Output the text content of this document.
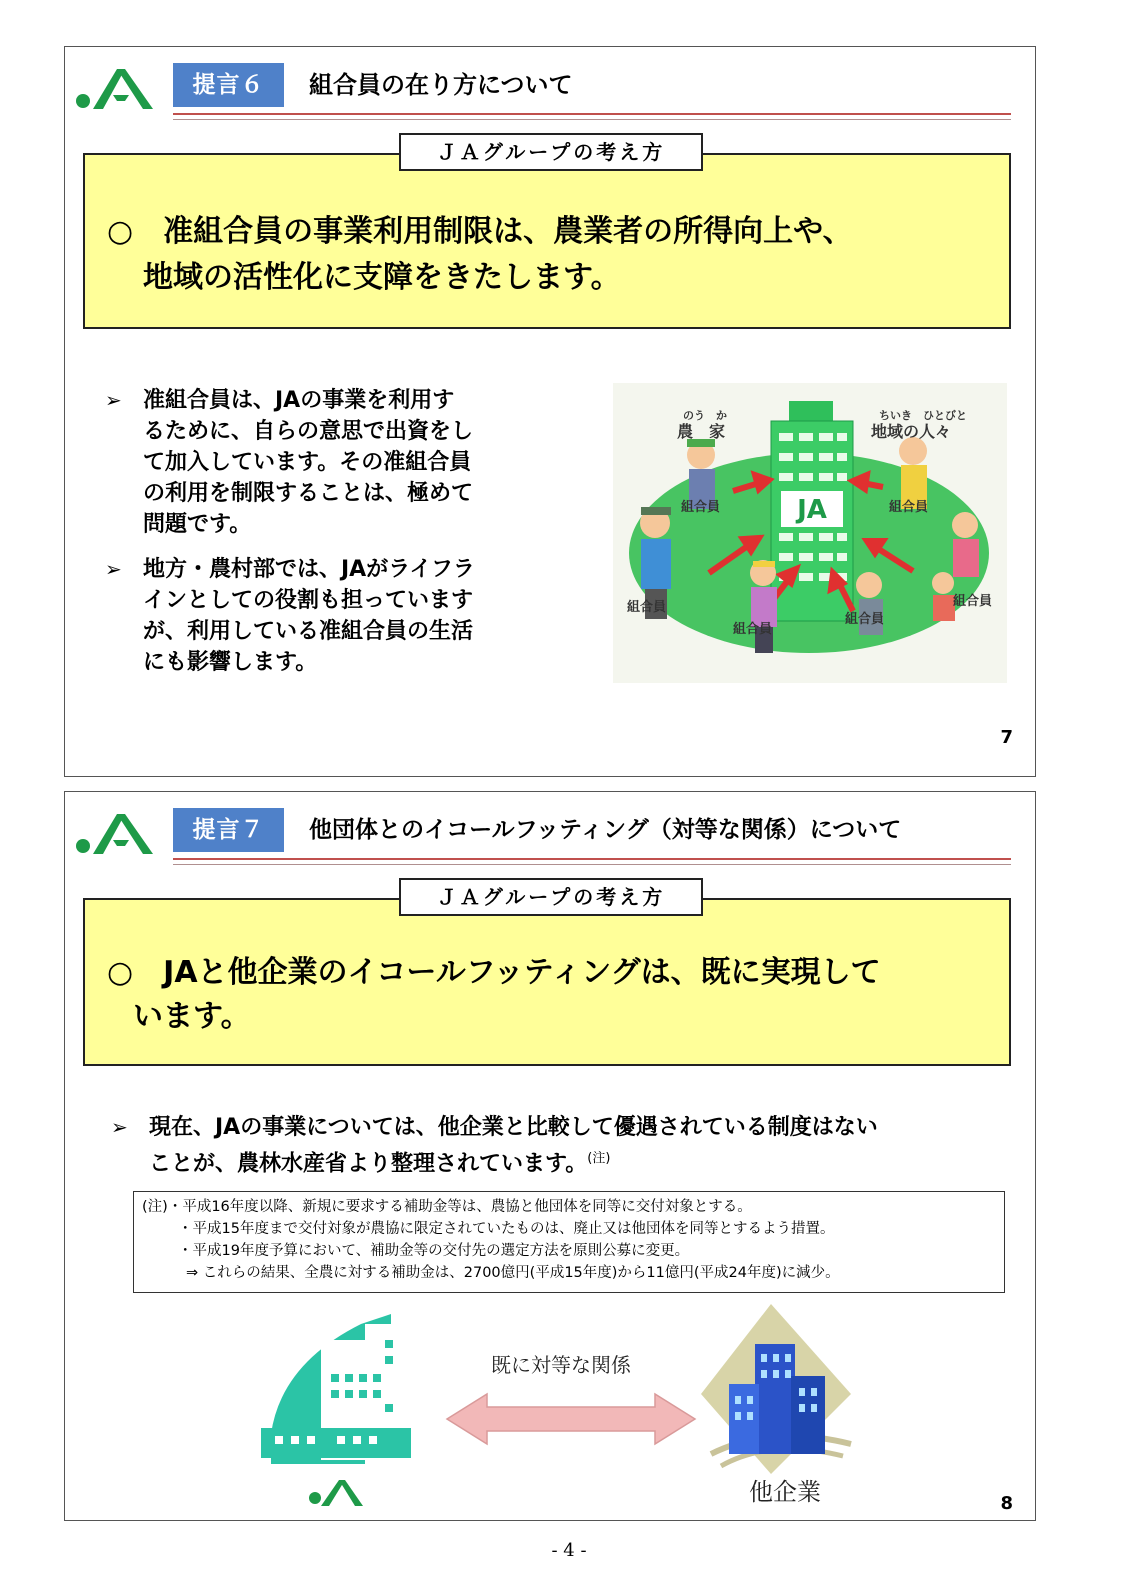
提言６	組合員の在り方について
ＪＡグループの考え方
○　准組合員の事業利用制限は、農業者の所得向上や、
地域の活性化に支障をきたします。
➢ 准組合員は、JAの事業を利用す
るために、自らの意思で出資をし
て加入しています。その准組合員
の利用を制限することは、極めて
問題です。
➢ 地方・農村部では、JAがライフラ
インとしての役割も担っています
が、利用している准組合員の生活
にも影響します。
JA
のう　か
農　家
ちいき　ひとびと
地域の人々
組合員	組合員
組合員	組合員
組合員
組合員
7
提言７	他団体とのイコールフッティング（対等な関係）について
ＪＡグループの考え方
○　JAと他企業のイコールフッティングは、既に実現して
います。
➢ 現在、JAの事業については、他企業と比較して優遇されている制度はない
ことが、農林水産省より整理されています。$^{(注)}$
(注)・平成16年度以降、新規に要求する補助金等は、農協と他団体を同等に交付対象とする。
・平成15年度まで交付対象が農協に限定されていたものは、廃止又は他団体を同等とするよう措置。
・平成19年度予算において、補助金等の交付先の選定方法を原則公募に変更。
⇒ これらの結果、全農に対する補助金は、2700億円(平成15年度)から11億円(平成24年度)に減少。
JA
既に対等な関係
他企業	8
- 4 -
